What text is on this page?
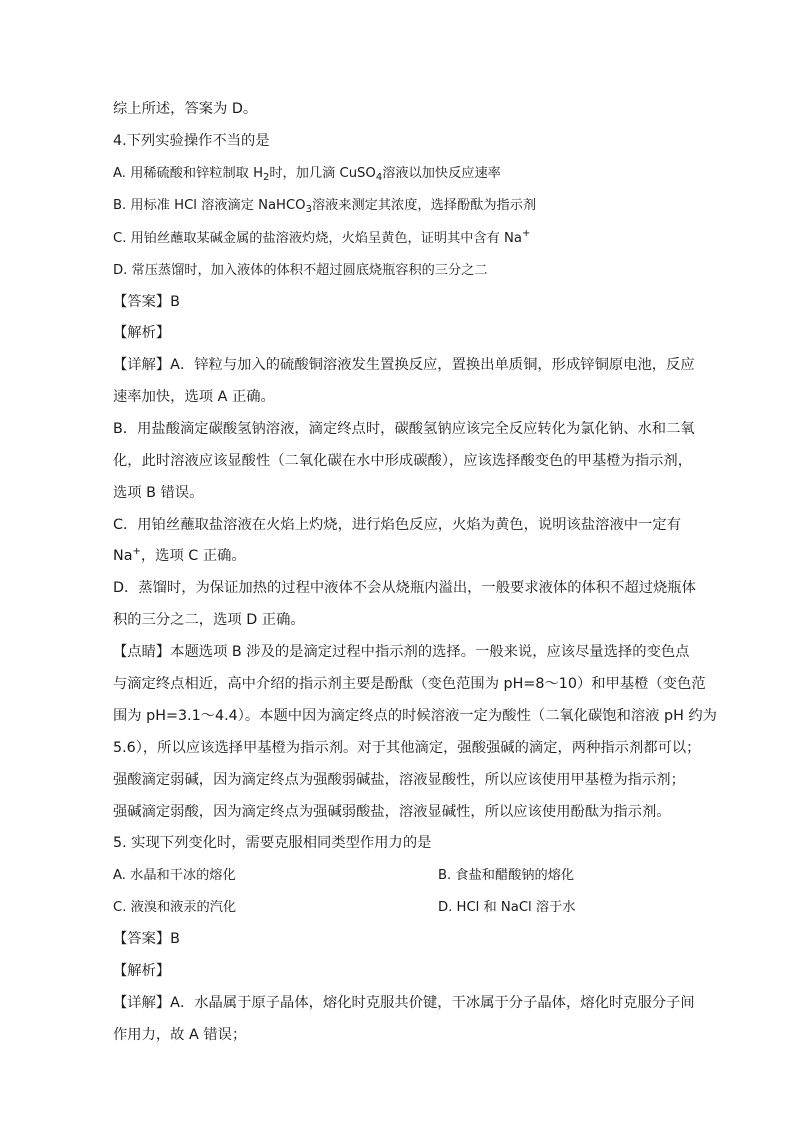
综上所述，答案为 D。
4.下列实验操作不当的是
A. 用稀硫酸和锌粒制取 $H_2$时，加几滴 CuSO$_4$溶液以加快反应速率
B. 用标准 HCl 溶液滴定 NaHCO$_3$溶液来测定其浓度，选择酚酞为指示剂
C. 用铂丝蘸取某碱金属的盐溶液灼烧，火焰呈黄色，证明其中含有 Na+
D. 常压蒸馏时，加入液体的体积不超过圆底烧瓶容积的三分之二
【答案】B
【解析】
【详解】A．锌粒与加入的硫酸铜溶液发生置换反应，置换出单质铜，形成锌铜原电池，反应
速率加快，选项 A 正确。
B．用盐酸滴定碳酸氢钠溶液，滴定终点时，碳酸氢钠应该完全反应转化为氯化钠、水和二氧
化，此时溶液应该显酸性（二氧化碳在水中形成碳酸），应该选择酸变色的甲基橙为指示剂，
选项 B 错误。
C．用铂丝蘸取盐溶液在火焰上灼烧，进行焰色反应，火焰为黄色，说明该盐溶液中一定有
Na+，选项 C 正确。
D．蒸馏时，为保证加热的过程中液体不会从烧瓶内溢出，一般要求液体的体积不超过烧瓶体
积的三分之二，选项 D 正确。
【点睛】本题选项 B 涉及的是滴定过程中指示剂的选择。一般来说，应该尽量选择的变色点
与滴定终点相近，高中介绍的指示剂主要是酚酞（变色范围为 pH=8～10）和甲基橙（变色范
围为 pH=3.1～4.4）。本题中因为滴定终点的时候溶液一定为酸性（二氧化碳饱和溶液 pH 约为
5.6），所以应该选择甲基橙为指示剂。对于其他滴定，强酸强碱的滴定，两种指示剂都可以；
强酸滴定弱碱，因为滴定终点为强酸弱碱盐，溶液显酸性，所以应该使用甲基橙为指示剂；
强碱滴定弱酸，因为滴定终点为强碱弱酸盐，溶液显碱性，所以应该使用酚酞为指示剂。
5. 实现下列变化时，需要克服相同类型作用力的是
A. 水晶和干冰的熔化	B. 食盐和醋酸钠的熔化
C. 液溴和液汞的汽化	D. HCl 和 NaCl 溶于水
【答案】B
【解析】
【详解】A．水晶属于原子晶体，熔化时克服共价键，干冰属于分子晶体，熔化时克服分子间
作用力，故 A 错误；
